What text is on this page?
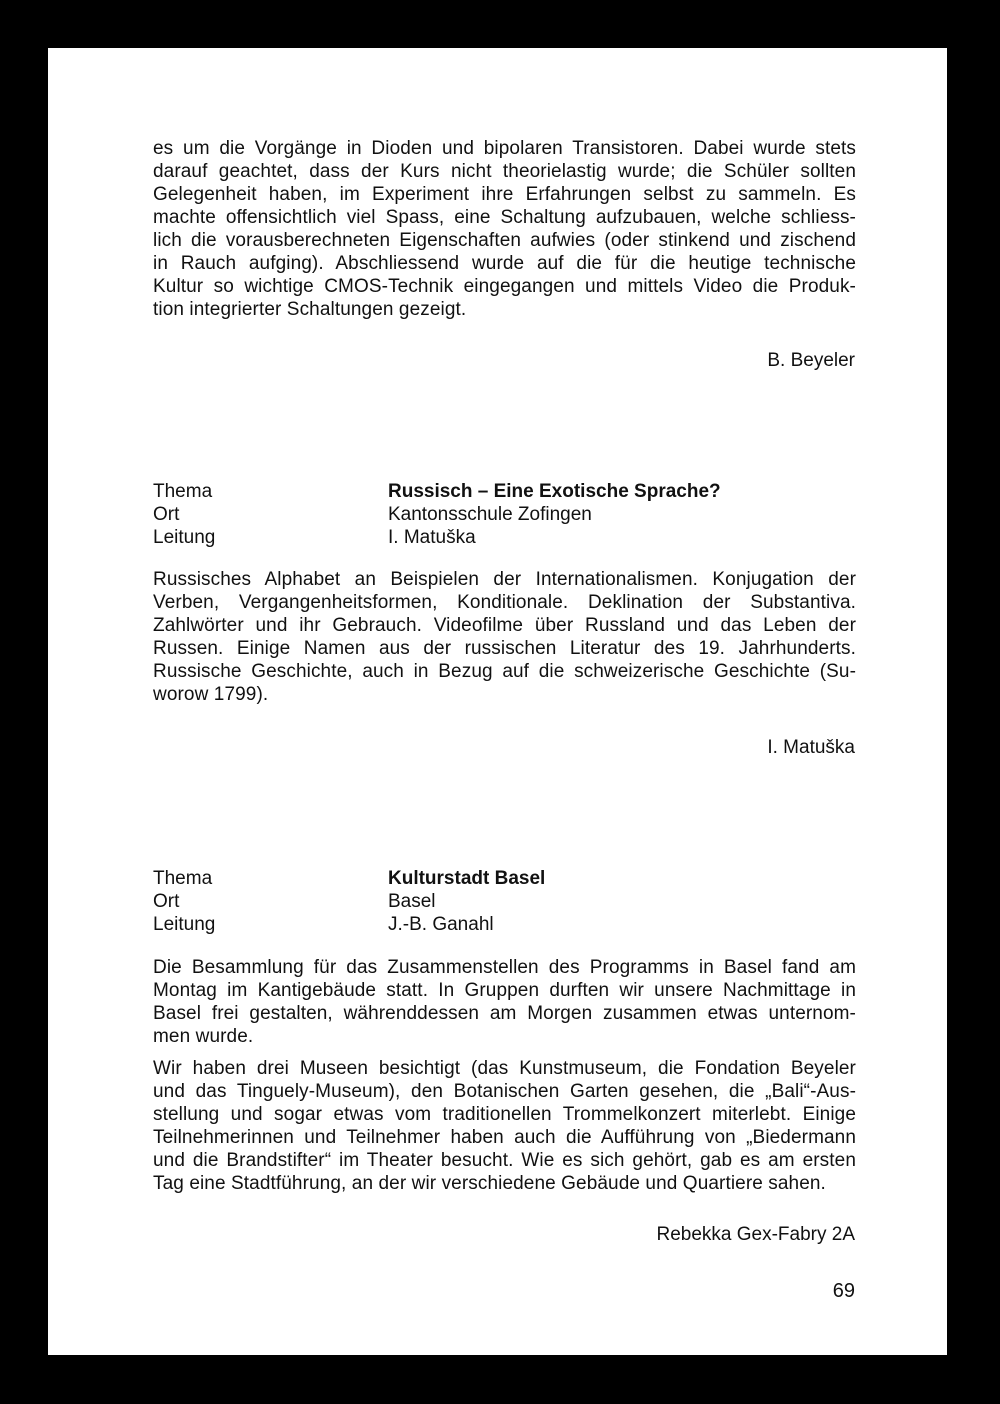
es um die Vorgänge in Dioden und bipolaren Transistoren. Dabei wurde stets
darauf geachtet, dass der Kurs nicht theorielastig wurde; die Schüler sollten
Gelegenheit haben, im Experiment ihre Erfahrungen selbst zu sammeln. Es
machte offensichtlich viel Spass, eine Schaltung aufzubauen, welche schliess-
lich die vorausberechneten Eigenschaften aufwies (oder stinkend und zischend
in Rauch aufging). Abschliessend wurde auf die für die heutige technische
Kultur so wichtige CMOS-Technik eingegangen und mittels Video die Produk-
tion integrierter Schaltungen gezeigt.

B. Beyeler
Thema	Russisch – Eine Exotische Sprache?
Ort	Kantonsschule Zofingen
Leitung	I. Matuška

Russisches Alphabet an Beispielen der Internationalismen. Konjugation der
Verben, Vergangenheitsformen, Konditionale. Deklination der Substantiva.
Zahlwörter und ihr Gebrauch. Videofilme über Russland und das Leben der
Russen. Einige Namen aus der russischen Literatur des 19. Jahrhunderts.
Russische Geschichte, auch in Bezug auf die schweizerische Geschichte (Su-
worow 1799).

I. Matuška
Thema	Kulturstadt Basel
Ort	Basel
Leitung	J.-B. Ganahl

Die Besammlung für das Zusammenstellen des Programms in Basel fand am
Montag im Kantigebäude statt. In Gruppen durften wir unsere Nachmittage in
Basel frei gestalten, währenddessen am Morgen zusammen etwas unternom-
men wurde.

Wir haben drei Museen besichtigt (das Kunstmuseum, die Fondation Beyeler
und das Tinguely-Museum), den Botanischen Garten gesehen, die „Bali“-Aus-
stellung und sogar etwas vom traditionellen Trommelkonzert miterlebt. Einige
Teilnehmerinnen und Teilnehmer haben auch die Aufführung von „Biedermann
und die Brandstifter“ im Theater besucht. Wie es sich gehört, gab es am ersten
Tag eine Stadtführung, an der wir verschiedene Gebäude und Quartiere sahen.

Rebekka Gex-Fabry 2A
69
